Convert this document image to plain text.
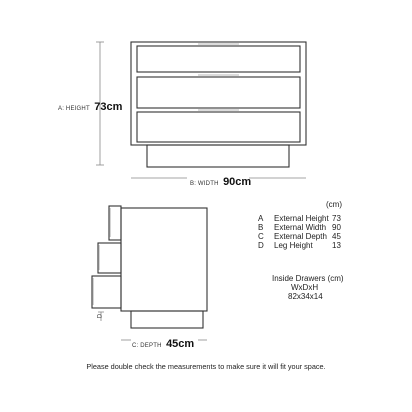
A: HEIGHT 73cm
B: WIDTH 90cm
D
C: DEPTH 45cm
(cm)
A External Height 73
B External Width 90
C External Depth 45
D Leg Height 13
Inside Drawers (cm)
WxDxH
82x34x14
Please double check the measurements to make sure it will fit your space.
